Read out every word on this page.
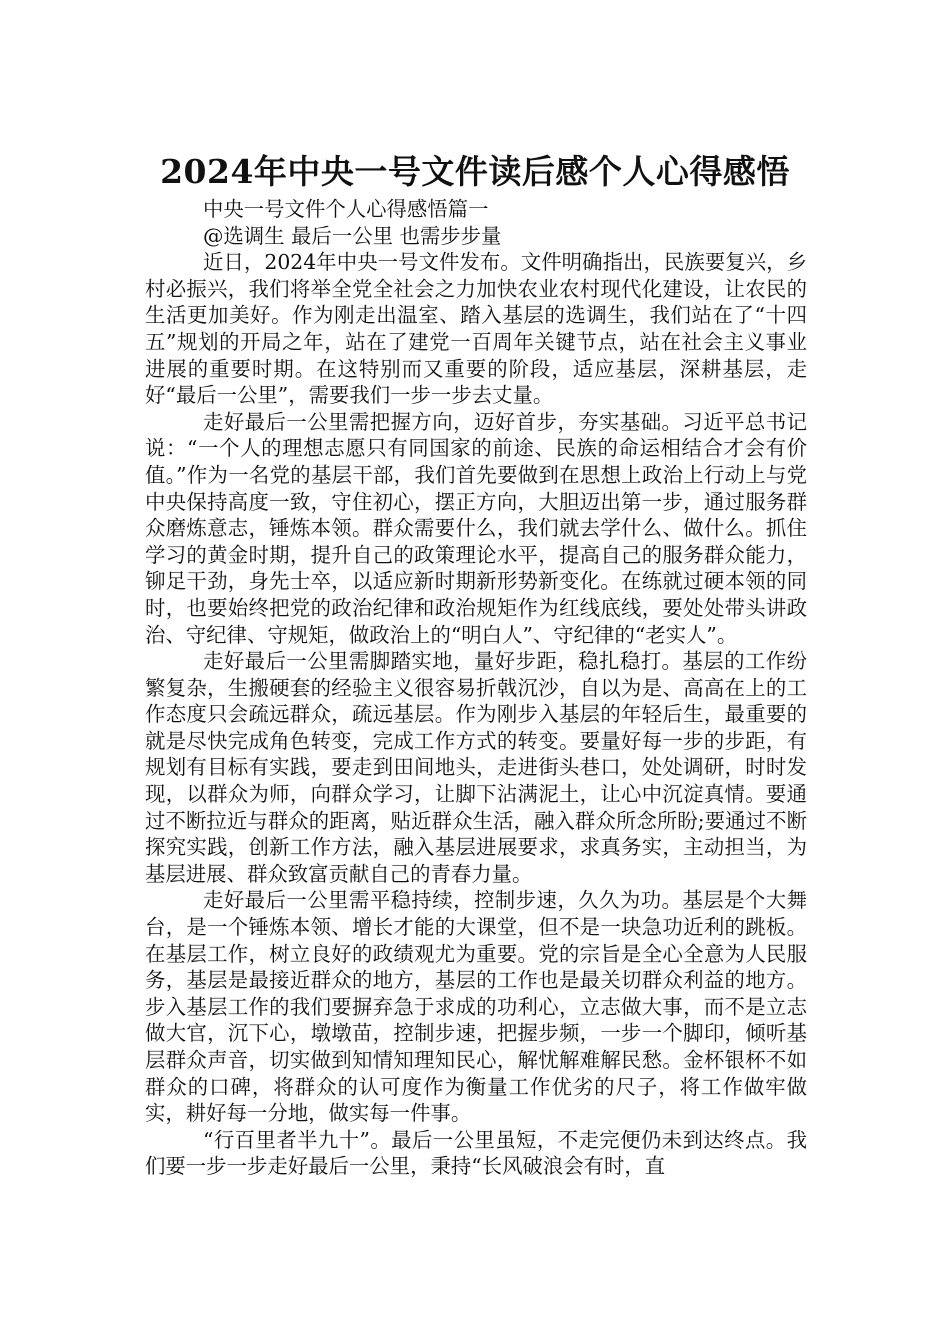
2024年中央一号文件读后感个人心得感悟

中央一号文件个人心得感悟篇一

@选调生 最后一公里 也需步步量

近日，2024年中央一号文件发布。文件明确指出，民族要复兴，乡村必振兴，我们将举全党全社会之力加快农业农村现代化建设，让农民的生活更加美好。作为刚走出温室、踏入基层的选调生，我们站在了“十四五”规划的开局之年，站在了建党一百周年关键节点，站在社会主义事业进展的重要时期。在这特别而又重要的阶段，适应基层，深耕基层，走好“最后一公里”，需要我们一步一步去丈量。

走好最后一公里需把握方向，迈好首步，夯实基础。习近平总书记说：“一个人的理想志愿只有同国家的前途、民族的命运相结合才会有价值。”作为一名党的基层干部，我们首先要做到在思想上政治上行动上与党中央保持高度一致，守住初心，摆正方向，大胆迈出第一步，通过服务群众磨炼意志，锤炼本领。群众需要什么，我们就去学什么、做什么。抓住学习的黄金时期，提升自己的政策理论水平，提高自己的服务群众能力，铆足干劲，身先士卒，以适应新时期新形势新变化。在练就过硬本领的同时，也要始终把党的政治纪律和政治规矩作为红线底线，要处处带头讲政治、守纪律、守规矩，做政治上的“明白人”、守纪律的“老实人”。

走好最后一公里需脚踏实地，量好步距，稳扎稳打。基层的工作纷繁复杂，生搬硬套的经验主义很容易折戟沉沙，自以为是、高高在上的工作态度只会疏远群众，疏远基层。作为刚步入基层的年轻后生，最重要的就是尽快完成角色转变，完成工作方式的转变。要量好每一步的步距，有规划有目标有实践，要走到田间地头，走进街头巷口，处处调研，时时发现，以群众为师，向群众学习，让脚下沾满泥土，让心中沉淀真情。要通过不断拉近与群众的距离，贴近群众生活，融入群众所念所盼;要通过不断探究实践，创新工作方法，融入基层进展要求，求真务实，主动担当，为基层进展、群众致富贡献自己的青春力量。

走好最后一公里需平稳持续，控制步速，久久为功。基层是个大舞台，是一个锤炼本领、增长才能的大课堂，但不是一块急功近利的跳板。在基层工作，树立良好的政绩观尤为重要。党的宗旨是全心全意为人民服务，基层是最接近群众的地方，基层的工作也是最关切群众利益的地方。步入基层工作的我们要摒弃急于求成的功利心，立志做大事，而不是立志做大官，沉下心，墩墩苗，控制步速，把握步频，一步一个脚印，倾听基层群众声音，切实做到知情知理知民心，解忧解难解民愁。金杯银杯不如群众的口碑，将群众的认可度作为衡量工作优劣的尺子，将工作做牢做实，耕好每一分地，做实每一件事。

“行百里者半九十”。最后一公里虽短，不走完便仍未到达终点。我们要一步一步走好最后一公里，秉持“长风破浪会有时，直
